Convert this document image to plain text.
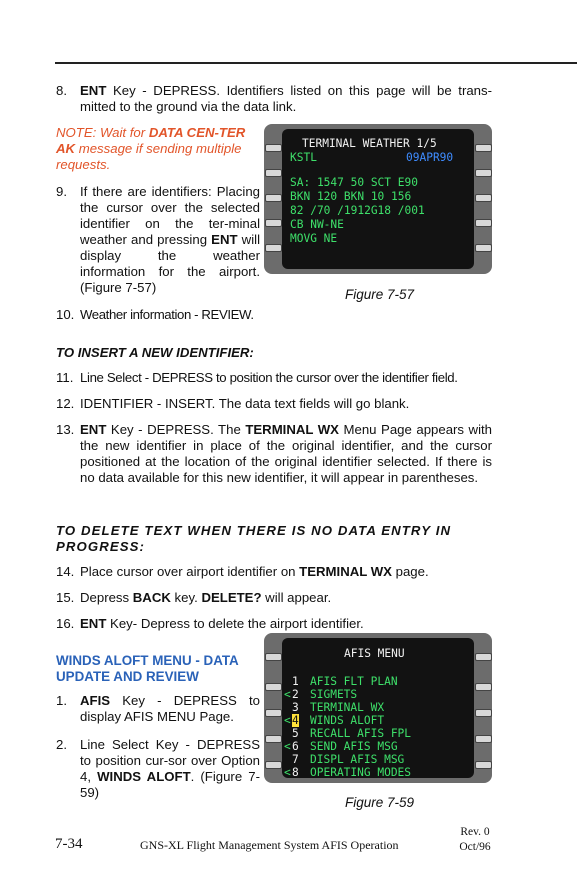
8. ENT Key - DEPRESS. Identifiers listed on this page will be trans-mitted to the ground via the data link.
NOTE: Wait for DATA CEN-TER AK message if sending multiple requests.
9. If there are identifiers: Placing the cursor over the selected identifier on the ter-minal weather and pressing ENT will display the weather information for the airport. (Figure 7-57)
TERMINAL WEATHER 1/5
KSTL	09APR90
SA: 1547 50 SCT E90
BKN 120 BKN 10 156
82 /70 /1912G18 /001
CB NW-NE
MOVG NE
Figure 7-57
10. Weather information - REVIEW.
TO INSERT A NEW IDENTIFIER:
11. Line Select - DEPRESS to position the cursor over the identifier field.
12. IDENTIFIER - INSERT. The data text fields will go blank.
13. ENT Key - DEPRESS. The TERMINAL WX Menu Page appears with the new identifier in place of the original identifier, and the cursor positioned at the location of the original identifier selected. If there is no data available for this new identifier, it will appear in parentheses.
TO DELETE TEXT WHEN THERE IS NO DATA ENTRY IN PROGRESS:
14. Place cursor over airport identifier on TERMINAL WX page.
15. Depress BACK key. DELETE? will appear.
16. ENT Key- Depress to delete the airport identifier.
WINDS ALOFT MENU - DATA UPDATE AND REVIEW
1. AFIS Key - DEPRESS to display AFIS MENU Page.
2. Line Select Key - DEPRESS to position cur-sor over Option 4, WINDS ALOFT. (Figure 7-59)
AFIS MENU
<
<
<
<
1 AFIS FLT PLAN
2 SIGMETS
3 TERMINAL WX
4 WINDS ALOFT
5 RECALL AFIS FPL
6 SEND AFIS MSG
7 DISPL AFIS MSG
8 OPERATING MODES
Figure 7-59
7-34	GNS-XL Flight Management System AFIS Operation
Rev. 0
Oct/96
